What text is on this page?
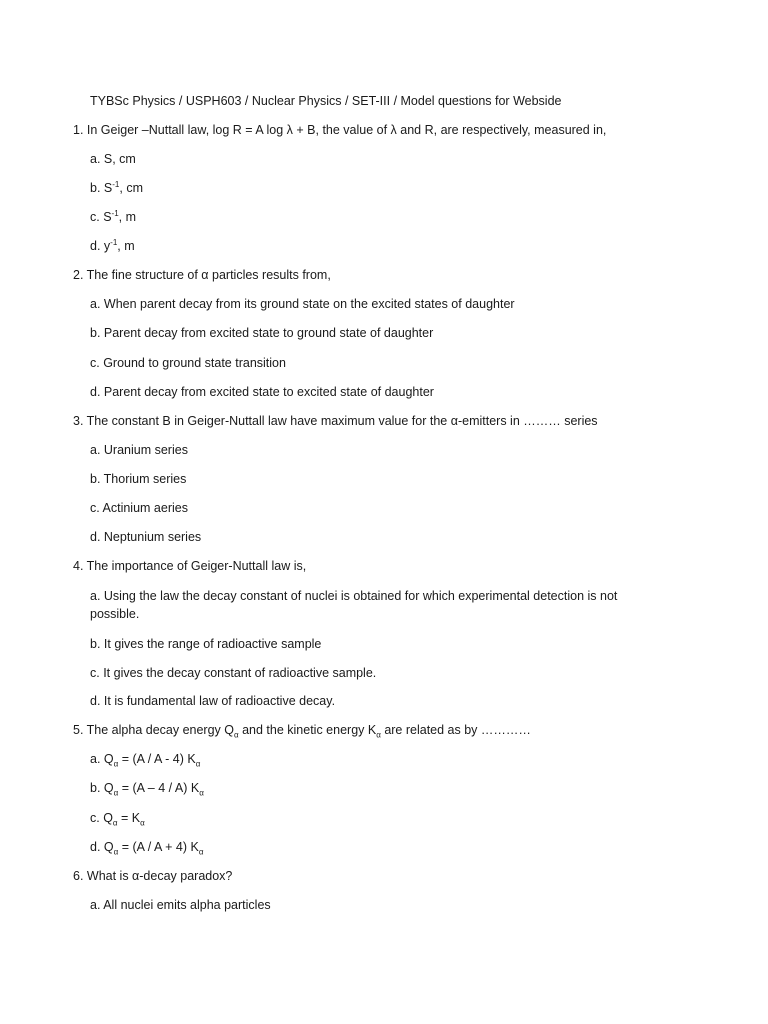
TYBSc Physics / USPH603 / Nuclear Physics / SET-III / Model questions for Webside
1. In Geiger –Nuttall law, log R = A log λ + B, the value of λ and R, are respectively, measured in,
a. S, cm
b. $S^{-1}$, cm
c. $S^{-1}$, m
d. $y^{-1}$, m
2. The fine structure of α particles results from,
a. When parent decay from its ground state on the excited states of daughter
b. Parent decay from excited state to ground state of daughter
c. Ground to ground state transition
d. Parent decay from excited state to excited state of daughter
3. The constant B in Geiger-Nuttall law have maximum value for the α-emitters in ……… series
a. Uranium series
b. Thorium series
c. Actinium aeries
d. Neptunium series
4. The importance of Geiger-Nuttall law is,
a. Using the law the decay constant of nuclei is obtained for which experimental detection is not possible.
b. It gives the range of radioactive sample
c. It gives the decay constant of radioactive sample.
d. It is fundamental law of radioactive decay.
5. The alpha decay energy $Q_\alpha$ and the kinetic energy $K_\alpha$ are related as by …………
a. $Q_\alpha = (A / A - 4)$ $K_\alpha$
b. $Q_\alpha = (A - 4 / A)$ $K_\alpha$
c. $Q_\alpha = K_\alpha$
d. $Q_\alpha = (A / A + 4)$ $K_\alpha$
6. What is α-decay paradox?
a. All nuclei emits alpha particles
